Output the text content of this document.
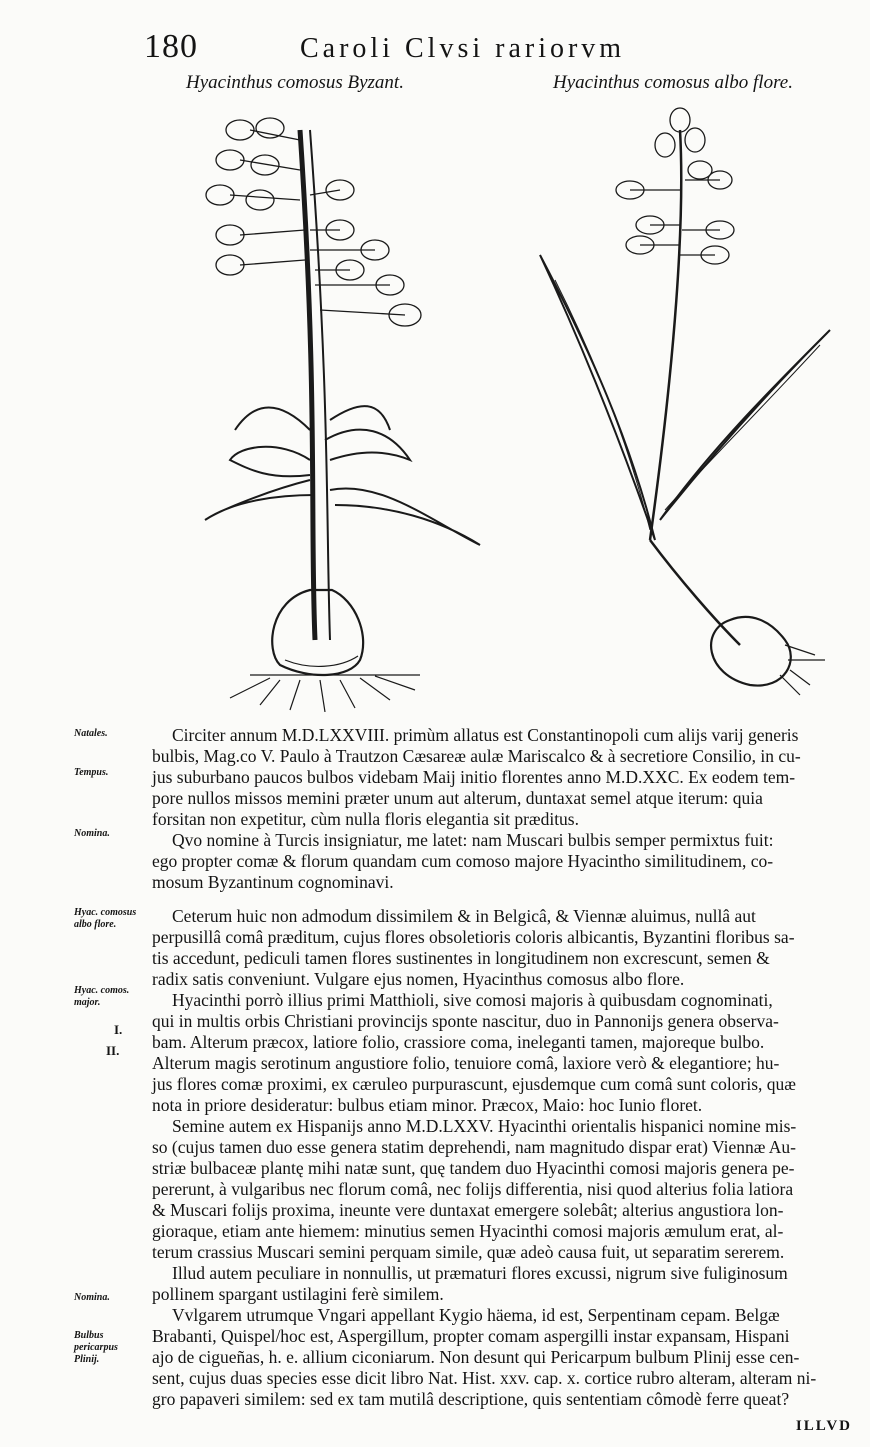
180	Caroli Clvsi rariorvm
Hyacinthus comosus Byzant.	Hyacinthus comosus albo flore.
Natales.
Tempus.
Nomina.
Hyac. comosus albo flore.
Hyac. comos. major.
I.
II.
Nomina.
Bulbus pericarpus Plinij.
Circiter annum M.D.LXXVIII. primùm allatus est Constantinopoli cum alijs varij generis
bulbis, Mag.co V. Paulo à Trautzon Cæsareæ aulæ Mariscalco & à secretiore Consilio, in cu-
jus suburbano paucos bulbos videbam Maij initio florentes anno M.D.XXC. Ex eodem tem-
pore nullos missos memini præter unum aut alterum, duntaxat semel atque iterum: quia
forsitan non expetitur, cùm nulla floris elegantia sit præditus.
Qvo nomine à Turcis insigniatur, me latet: nam Muscari bulbis semper permixtus fuit:
ego propter comæ & florum quandam cum comoso majore Hyacintho similitudinem, co-
mosum Byzantinum cognominavi.
Ceterum huic non admodum dissimilem & in Belgicâ, & Viennæ aluimus, nullâ aut
perpusillâ comâ præditum, cujus flores obsoletioris coloris albicantis, Byzantini floribus sa-
tis accedunt, pediculi tamen flores sustinentes in longitudinem non excrescunt, semen &
radix satis conveniunt. Vulgare ejus nomen, Hyacinthus comosus albo flore.
Hyacinthi porrò illius primi Matthioli, sive comosi majoris à quibusdam cognominati,
qui in multis orbis Christiani provincijs sponte nascitur, duo in Pannonijs genera observa-
bam. Alterum præcox, latiore folio, crassiore coma, ineleganti tamen, majoreque bulbo.
Alterum magis serotinum angustiore folio, tenuiore comâ, laxiore verò & elegantiore; hu-
jus flores comæ proximi, ex cæruleo purpurascunt, ejusdemque cum comâ sunt coloris, quæ
nota in priore desideratur: bulbus etiam minor. Præcox, Maio: hoc Iunio floret.
Semine autem ex Hispanijs anno M.D.LXXV. Hyacinthi orientalis hispanici nomine mis-
so (cujus tamen duo esse genera statim deprehendi, nam magnitudo dispar erat) Viennæ Au-
striæ bulbaceæ plantę mihi natæ sunt, quę tandem duo Hyacinthi comosi majoris genera pe-
pererunt, à vulgaribus nec florum comâ, nec folijs differentia, nisi quod alterius folia latiora
& Muscari folijs proxima, ineunte vere duntaxat emergere solebât; alterius angustiora lon-
gioraque, etiam ante hiemem: minutius semen Hyacinthi comosi majoris æmulum erat, al-
terum crassius Muscari semini perquam simile, quæ adeò causa fuit, ut separatim sererem.
Illud autem peculiare in nonnullis, ut præmaturi flores excussi, nigrum sive fuliginosum
pollinem spargant ustilagini ferè similem.
Vvlgarem utrumque Vngari appellant Kygio häema, id est, Serpentinam cepam. Belgæ
Brabanti, Quispel/hoc est, Aspergillum, propter comam aspergilli instar expansam, Hispani
ajo de cigueñas, h. e. allium ciconiarum. Non desunt qui Pericarpum bulbum Plinij esse cen-
sent, cujus duas species esse dicit libro Nat. Hist. xxv. cap. x. cortice rubro alteram, alteram ni-
gro papaveri similem: sed ex tam mutilâ descriptione, quis sententiam cômodè ferre queat?
ILLVD
